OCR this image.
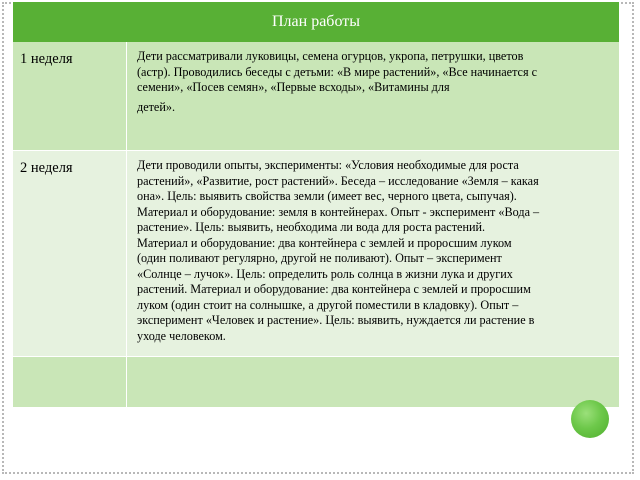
План работы
1 неделя	Дети рассматривали луковицы, семена огурцов, укропа, петрушки, цветов
(астр). Проводились беседы с детьми: «В мире растений», «Все начинается с
семени», «Посев семян», «Первые всходы», «Витамины для
детей».
2 неделя	Дети проводили опыты, эксперименты: «Условия необходимые для роста
растений», «Развитие, рост растений». Беседа – исследование «Земля – какая
она». Цель: выявить свойства земли (имеет вес, черного цвета, сыпучая).
Материал и оборудование: земля в контейнерах. Опыт - эксперимент «Вода –
растение». Цель: выявить, необходима ли вода для роста растений.
Материал и оборудование: два контейнера с землей и проросшим луком
(один поливают регулярно, другой не поливают). Опыт – эксперимент
«Солнце – лучок». Цель: определить роль солнца в жизни лука и других
растений. Материал и оборудование: два контейнера с землей и проросшим
луком (один стоит на солнышке, а другой поместили в кладовку). Опыт –
эксперимент «Человек и растение». Цель: выявить, нуждается ли растение в
уходе человеком.
